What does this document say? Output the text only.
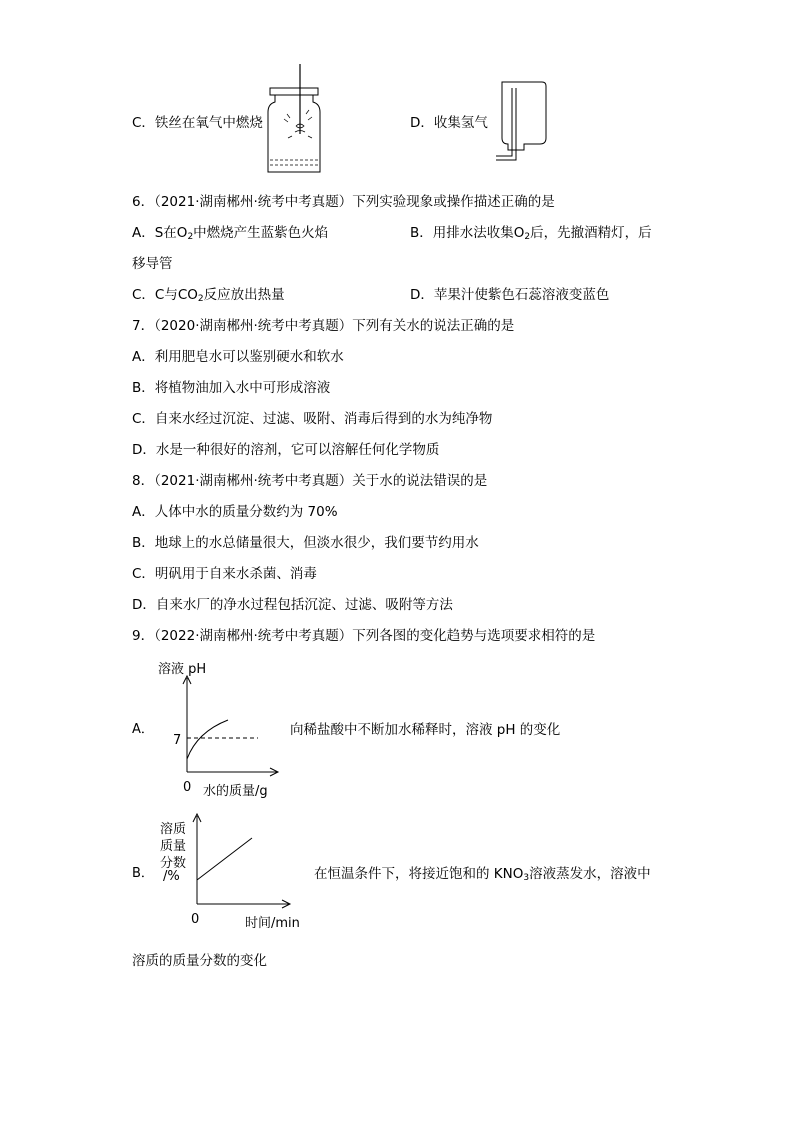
C．铁丝在氧气中燃烧	D．收集氢气
6．（2021·湖南郴州·统考中考真题）下列实验现象或操作描述正确的是
A．S在$O_2$中燃烧产生蓝紫色火焰	B．用排水法收集$O_2$后，先撤酒精灯，后
移导管
C．C与$CO_2$反应放出热量	D．苹果汁使紫色石蕊溶液变蓝色
7．（2020·湖南郴州·统考中考真题）下列有关水的说法正确的是
A．利用肥皂水可以鉴别硬水和软水
B．将植物油加入水中可形成溶液
C．自来水经过沉淀、过滤、吸附、消毒后得到的水为纯净物
D．水是一种很好的溶剂，它可以溶解任何化学物质
8．（2021·湖南郴州·统考中考真题）关于水的说法错误的是
A．人体中水的质量分数约为 70%
B．地球上的水总储量很大，但淡水很少，我们要节约用水
C．明矾用于自来水杀菌、消毒
D．自来水厂的净水过程包括沉淀、过滤、吸附等方法
9．（2022·湖南郴州·统考中考真题）下列各图的变化趋势与选项要求相符的是
溶液 pH
A．
7
0 水的质量/g
向稀盐酸中不断加水稀释时，溶液 pH 的变化
溶质
质量
分数
/%
B．
0	时间/min
在恒温条件下，将接近饱和的 $KNO_3$溶液蒸发水，溶液中
溶质的质量分数的变化
